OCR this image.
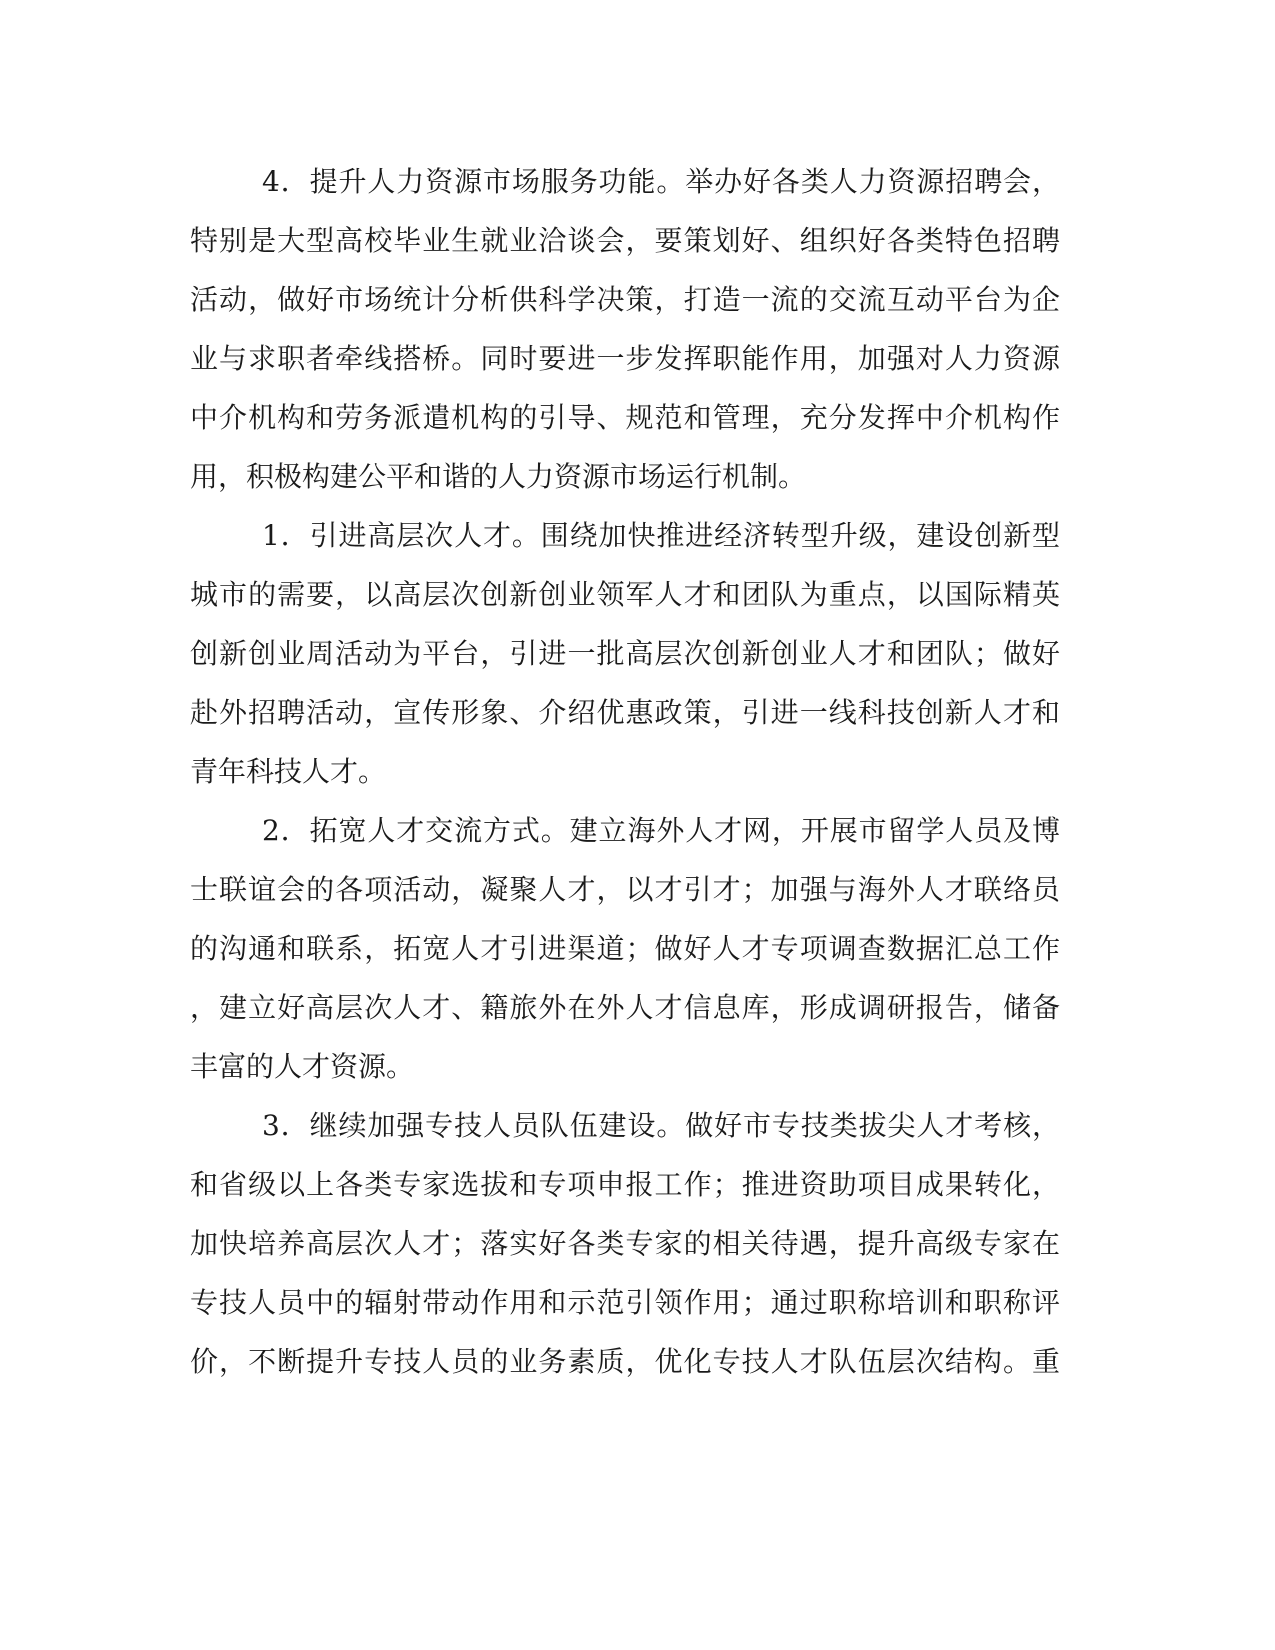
4．提升人力资源市场服务功能。举办好各类人力资源招聘会，
特别是大型高校毕业生就业洽谈会，要策划好、组织好各类特色招聘
活动，做好市场统计分析供科学决策，打造一流的交流互动平台为企
业与求职者牵线搭桥。同时要进一步发挥职能作用，加强对人力资源
中介机构和劳务派遣机构的引导、规范和管理，充分发挥中介机构作
用，积极构建公平和谐的人力资源市场运行机制。
1．引进高层次人才。围绕加快推进经济转型升级，建设创新型
城市的需要，以高层次创新创业领军人才和团队为重点，以国际精英
创新创业周活动为平台，引进一批高层次创新创业人才和团队；做好
赴外招聘活动，宣传形象、介绍优惠政策，引进一线科技创新人才和
青年科技人才。
2．拓宽人才交流方式。建立海外人才网，开展市留学人员及博
士联谊会的各项活动，凝聚人才，以才引才；加强与海外人才联络员
的沟通和联系，拓宽人才引进渠道；做好人才专项调查数据汇总工作
，建立好高层次人才、籍旅外在外人才信息库，形成调研报告，储备
丰富的人才资源。
3．继续加强专技人员队伍建设。做好市专技类拔尖人才考核，
和省级以上各类专家选拔和专项申报工作；推进资助项目成果转化，
加快培养高层次人才；落实好各类专家的相关待遇，提升高级专家在
专技人员中的辐射带动作用和示范引领作用；通过职称培训和职称评
价，不断提升专技人员的业务素质，优化专技人才队伍层次结构。重
